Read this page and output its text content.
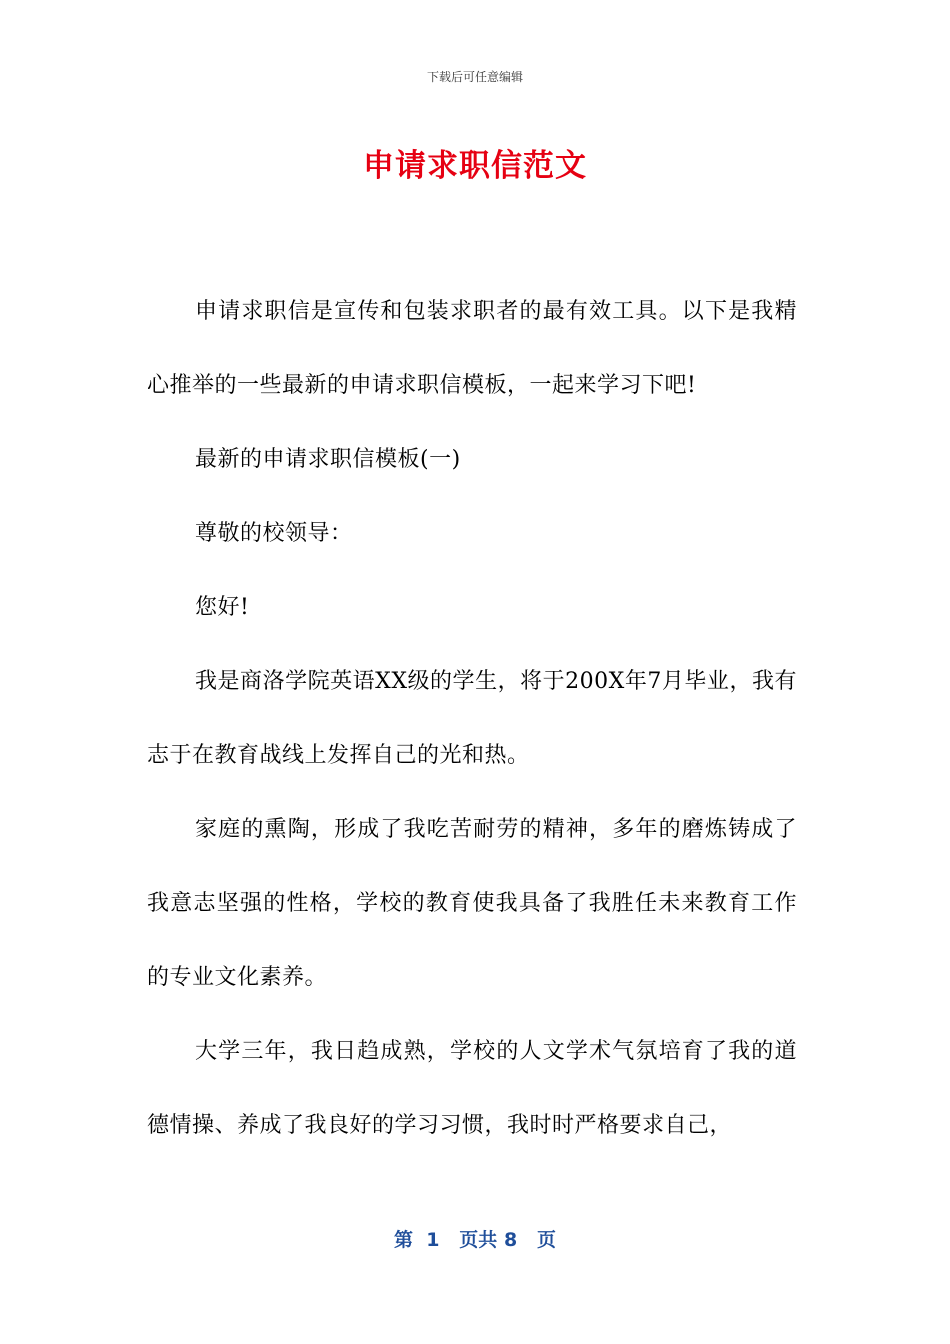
下载后可任意编辑
申请求职信范文

申请求职信是宣传和包装求职者的最有效工具。以下是我精心推举的一些最新的申请求职信模板，一起来学习下吧!

最新的申请求职信模板(一)

尊敬的校领导：

您好!

我是商洛学院英语XX级的学生，将于200X年7月毕业，我有志于在教育战线上发挥自己的光和热。

家庭的熏陶，形成了我吃苦耐劳的精神，多年的磨炼铸成了我意志坚强的性格，学校的教育使我具备了我胜任未来教育工作的专业文化素养。

大学三年，我日趋成熟，学校的人文学术气氛培育了我的道德情操、养成了我良好的学习习惯，我时时严格要求自己，

第 1 页共 8 页
